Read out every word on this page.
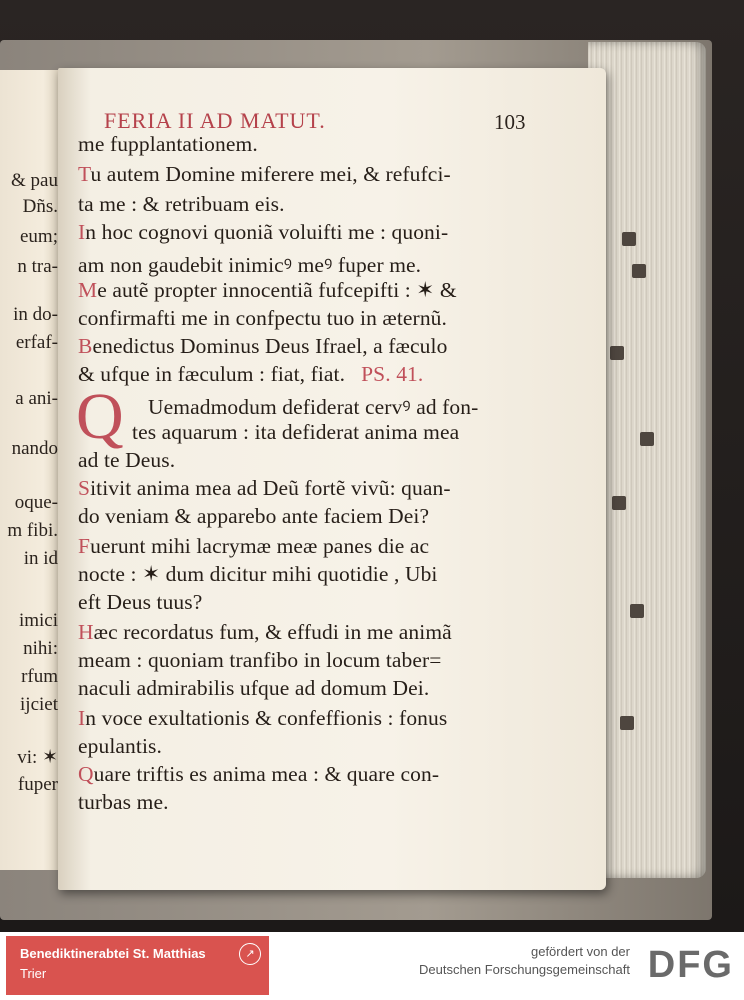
& pau
Dñs.
eum;
n tra-
in do-
erfaf-
a ani-
nando
oque-
m fibi.
in id
imici
nihi:
rfum
ijciet
vi: ✶
fuper
FERIA II AD MATUT.	103
Q
me fupplantationem.
Tu autem Domine miferere mei, & refufci-
ta me : & retribuam eis.
In hoc cognovi quoniã voluifti me : quoni-
am non gaudebit inimicꝰ meꝰ fuper me.
Me autẽ propter innocentiã fufcepifti : ✶ &
confirmafti me in confpectu tuo in æternũ.
Benedictus Dominus Deus Ifrael, a fæculo
& ufque in fæculum : fiat, fiat. PS. 41.
Uemadmodum defiderat cervꝰ ad fon-
tes aquarum : ita defiderat anima mea
ad te Deus.
Sitivit anima mea ad Deũ fortẽ vivũ: quan-
do veniam & apparebo ante faciem Dei?
Fuerunt mihi lacrymæ meæ panes die ac
nocte : ✶ dum dicitur mihi quotidie , Ubi
eft Deus tuus?
Hæc recordatus fum, & effudi in me animã
meam : quoniam tranfibo in locum taber=
naculi admirabilis ufque ad domum Dei.
In voce exultationis & confeffionis : fonus
epulantis.
Quare triftis es anima mea : & quare con-
turbas me.
Benediktinerabtei St. Matthias
Trier
↗	gefördert von der
Deutschen Forschungsgemeinschaft DFG
